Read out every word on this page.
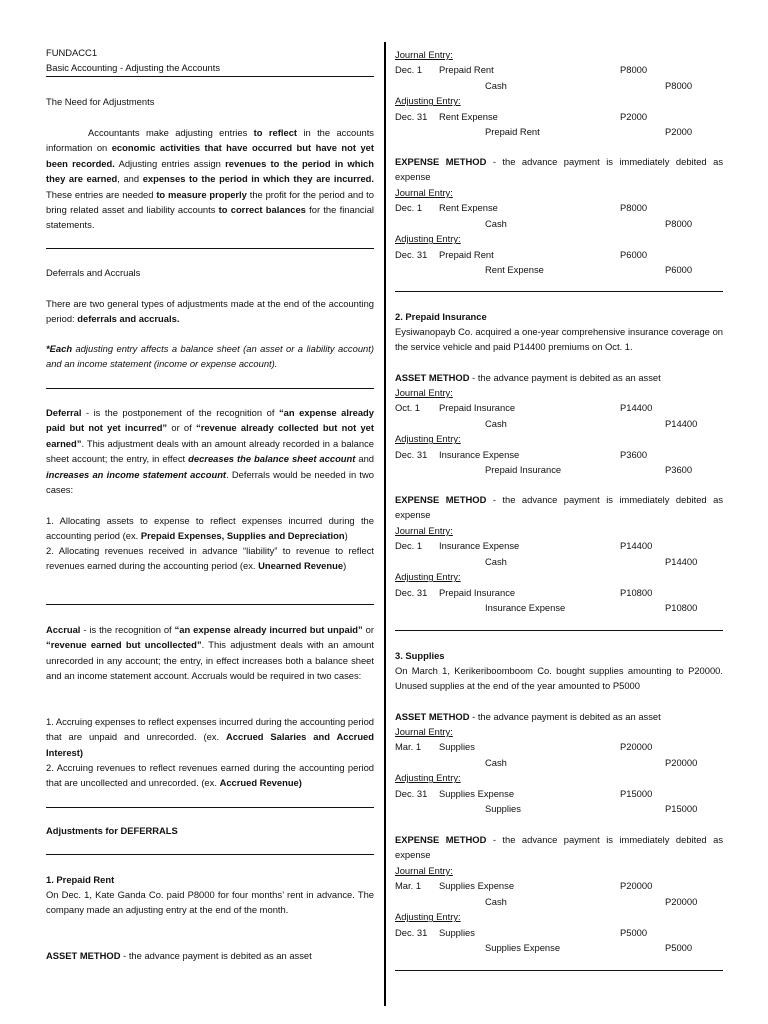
FUNDACC1

Basic Accounting - Adjusting the Accounts

The Need for Adjustments

Accountants make adjusting entries to reflect in the accounts information on economic activities that have occurred but have not yet been recorded. Adjusting entries assign revenues to the period in which they are earned, and expenses to the period in which they are incurred. These entries are needed to measure properly the profit for the period and to bring related asset and liability accounts to correct balances for the financial statements.

Deferrals and Accruals

There are two general types of adjustments made at the end of the accounting period: deferrals and accruals.

*Each adjusting entry affects a balance sheet (an asset or a liability account) and an income statement (income or expense account).

Deferral - is the postponement of the recognition of “an expense already paid but not yet incurred” or of “revenue already collected but not yet earned”. This adjustment deals with an amount already recorded in a balance sheet account; the entry, in effect decreases the balance sheet account and increases an income statement account. Deferrals would be needed in two cases:

1. Allocating assets to expense to reflect expenses incurred during the accounting period (ex. Prepaid Expenses, Supplies and Depreciation)

2. Allocating revenues received in advance “liability” to revenue to reflect revenues earned during the accounting period (ex. Unearned Revenue)

Accrual - is the recognition of “an expense already incurred but unpaid” or “revenue earned but uncollected”. This adjustment deals with an amount unrecorded in any account; the entry, in effect increases both a balance sheet and an income statement account. Accruals would be required in two cases:

1. Accruing expenses to reflect expenses incurred during the accounting period that are unpaid and unrecorded. (ex. Accrued Salaries and Accrued Interest)

2. Accruing revenues to reflect revenues earned during the accounting period that are uncollected and unrecorded. (ex. Accrued Revenue)

Adjustments for DEFERRALS

1. Prepaid Rent

On Dec. 1, Kate Ganda Co. paid P8000 for four months’ rent in advance. The company made an adjusting entry at the end of the month.

ASSET METHOD - the advance payment is debited as an asset

Journal Entry:

Dec. 1 Prepaid Rent	P8000
Cash	P8000

Adjusting Entry:

Dec. 31 Rent Expense	P2000
Prepaid Rent	P2000

EXPENSE METHOD - the advance payment is immediately debited as expense

Journal Entry:

Dec. 1 Rent Expense	P8000
Cash	P8000

Adjusting Entry:

Dec. 31 Prepaid Rent	P6000
Rent Expense	P6000

2. Prepaid Insurance

Eysiwanopayb Co. acquired a one-year comprehensive insurance coverage on the service vehicle and paid P14400 premiums on Oct. 1.

ASSET METHOD - the advance payment is debited as an asset

Journal Entry:

Oct. 1 Prepaid Insurance	P14400
Cash	P14400

Adjusting Entry:

Dec. 31 Insurance Expense	P3600
Prepaid Insurance	P3600

EXPENSE METHOD - the advance payment is immediately debited as expense

Journal Entry:

Dec. 1 Insurance Expense	P14400
Cash	P14400

Adjusting Entry:

Dec. 31 Prepaid Insurance	P10800
Insurance Expense	P10800

3. Supplies

On March 1, Kerikeriboomboom Co. bought supplies amounting to P20000. Unused supplies at the end of the year amounted to P5000

ASSET METHOD - the advance payment is debited as an asset

Journal Entry:

Mar. 1 Supplies	P20000
Cash	P20000

Adjusting Entry:

Dec. 31 Supplies Expense	P15000
Supplies	P15000

EXPENSE METHOD - the advance payment is immediately debited as expense

Journal Entry:

Mar. 1 Supplies Expense	P20000
Cash	P20000

Adjusting Entry:

Dec. 31 Supplies	P5000
Supplies Expense	P5000
